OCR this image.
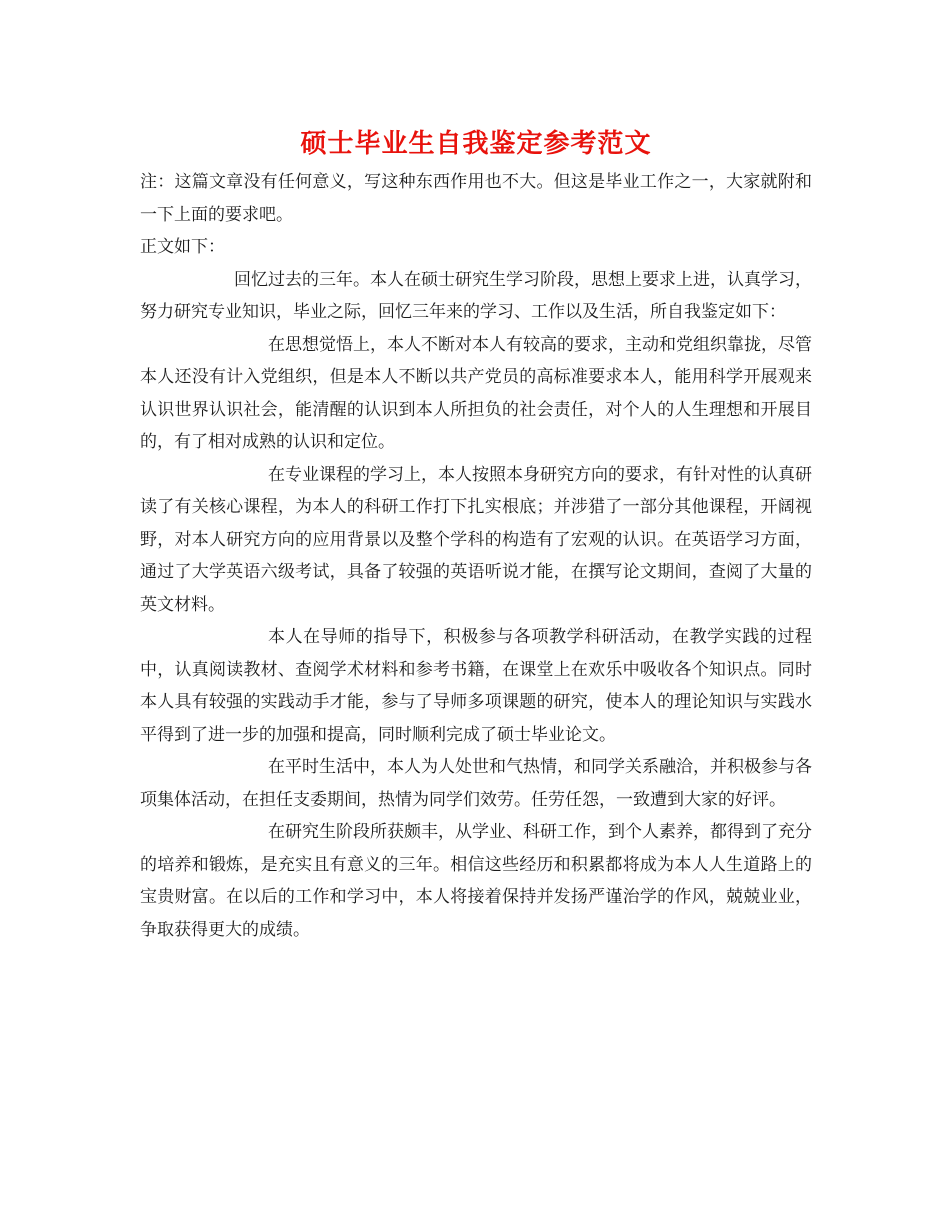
硕士毕业生自我鉴定参考范文

注：这篇文章没有任何意义，写这种东西作用也不大。但这是毕业工作之一，大家就附和一下上面的要求吧。

正文如下：

回忆过去的三年。本人在硕士研究生学习阶段，思想上要求上进，认真学习，努力研究专业知识，毕业之际，回忆三年来的学习、工作以及生活，所自我鉴定如下：

在思想觉悟上，本人不断对本人有较高的要求，主动和党组织靠拢，尽管本人还没有计入党组织，但是本人不断以共产党员的高标准要求本人，能用科学开展观来认识世界认识社会，能清醒的认识到本人所担负的社会责任，对个人的人生理想和开展目的，有了相对成熟的认识和定位。

在专业课程的学习上，本人按照本身研究方向的要求，有针对性的认真研读了有关核心课程，为本人的科研工作打下扎实根底；并涉猎了一部分其他课程，开阔视野，对本人研究方向的应用背景以及整个学科的构造有了宏观的认识。在英语学习方面，通过了大学英语六级考试，具备了较强的英语听说才能，在撰写论文期间，查阅了大量的英文材料。

本人在导师的指导下，积极参与各项教学科研活动，在教学实践的过程中，认真阅读教材、查阅学术材料和参考书籍，在课堂上在欢乐中吸收各个知识点。同时本人具有较强的实践动手才能，参与了导师多项课题的研究，使本人的理论知识与实践水平得到了进一步的加强和提高，同时顺利完成了硕士毕业论文。

在平时生活中，本人为人处世和气热情，和同学关系融洽，并积极参与各项集体活动，在担任支委期间，热情为同学们效劳。任劳任怨，一致遭到大家的好评。

在研究生阶段所获颇丰，从学业、科研工作，到个人素养，都得到了充分的培养和锻炼，是充实且有意义的三年。相信这些经历和积累都将成为本人人生道路上的宝贵财富。在以后的工作和学习中，本人将接着保持并发扬严谨治学的作风，兢兢业业，争取获得更大的成绩。
